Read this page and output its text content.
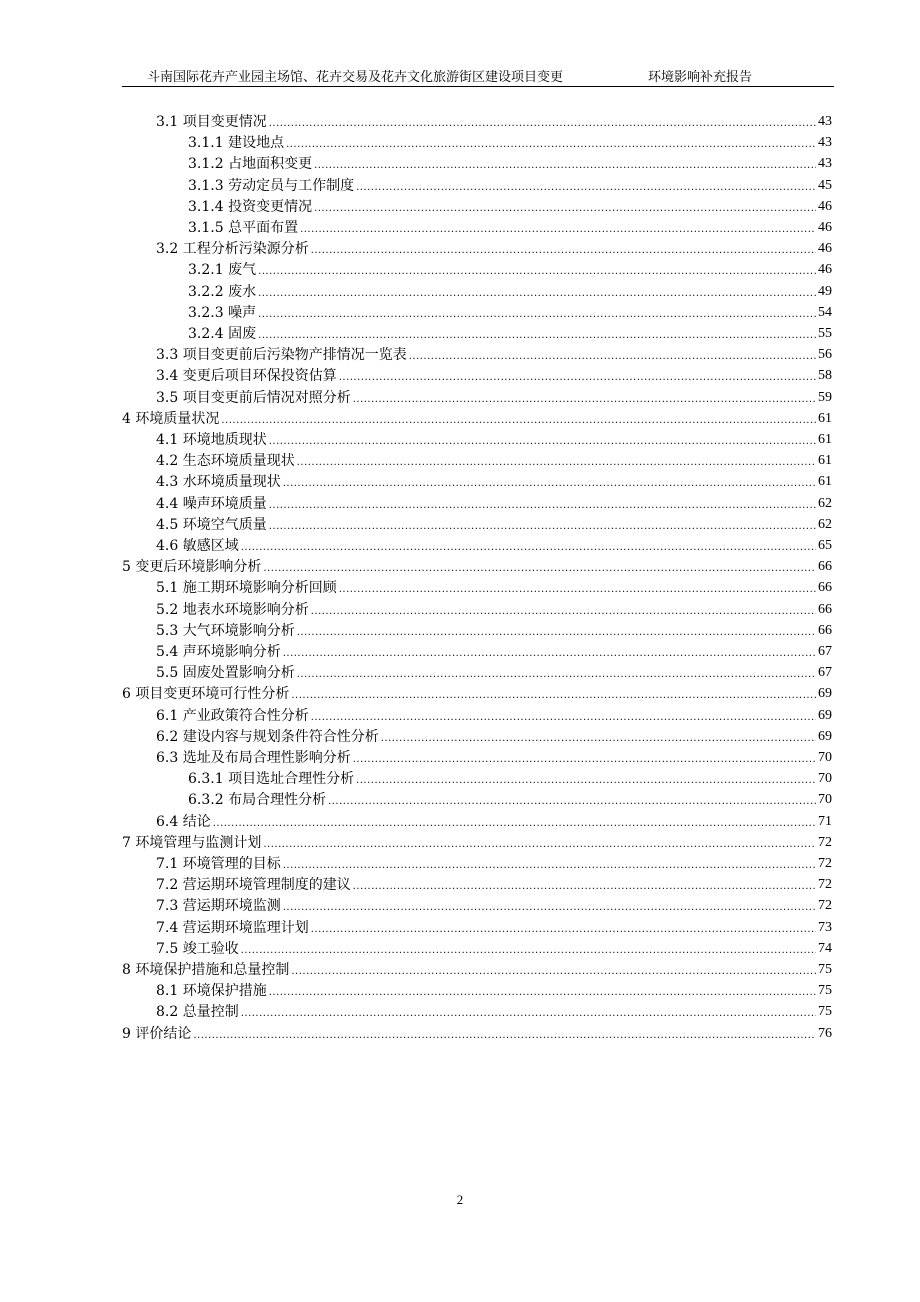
斗南国际花卉产业园主场馆、花卉交易及花卉文化旅游街区建设项目变更	环境影响补充报告
3.1 项目变更情况 .....	43
3.1.1 建设地点 .....	43
3.1.2 占地面积变更 .....	43
3.1.3 劳动定员与工作制度 .....	45
3.1.4 投资变更情况 .....	46
3.1.5 总平面布置 .....	46
3.2 工程分析污染源分析 .....	46
3.2.1 废气 .....	46
3.2.2 废水 .....	49
3.2.3 噪声 .....	54
3.2.4 固废 .....	55
3.3 项目变更前后污染物产排情况一览表 .....	56
3.4 变更后项目环保投资估算 .....	58
3.5 项目变更前后情况对照分析 .....	59
4 环境质量状况 .....	61
4.1 环境地质现状 .....	61
4.2 生态环境质量现状 .....	61
4.3 水环境质量现状 .....	61
4.4 噪声环境质量 .....	62
4.5 环境空气质量 .....	62
4.6 敏感区域 .....	65
5 变更后环境影响分析 .....	66
5.1 施工期环境影响分析回顾 .....	66
5.2 地表水环境影响分析 .....	66
5.3 大气环境影响分析 .....	66
5.4 声环境影响分析 .....	67
5.5 固废处置影响分析 .....	67
6 项目变更环境可行性分析 .....	69
6.1 产业政策符合性分析 .....	69
6.2 建设内容与规划条件符合性分析 .....	69
6.3 选址及布局合理性影响分析 .....	70
6.3.1 项目选址合理性分析 .....	70
6.3.2 布局合理性分析 .....	70
6.4 结论 .....	71
7 环境管理与监测计划 .....	72
7.1 环境管理的目标 .....	72
7.2 营运期环境管理制度的建议 .....	72
7.3 营运期环境监测 .....	72
7.4 营运期环境监理计划 .....	73
7.5 竣工验收 .....	74
8 环境保护措施和总量控制 .....	75
8.1 环境保护措施 .....	75
8.2 总量控制 .....	75
9 评价结论 .....	76
2
